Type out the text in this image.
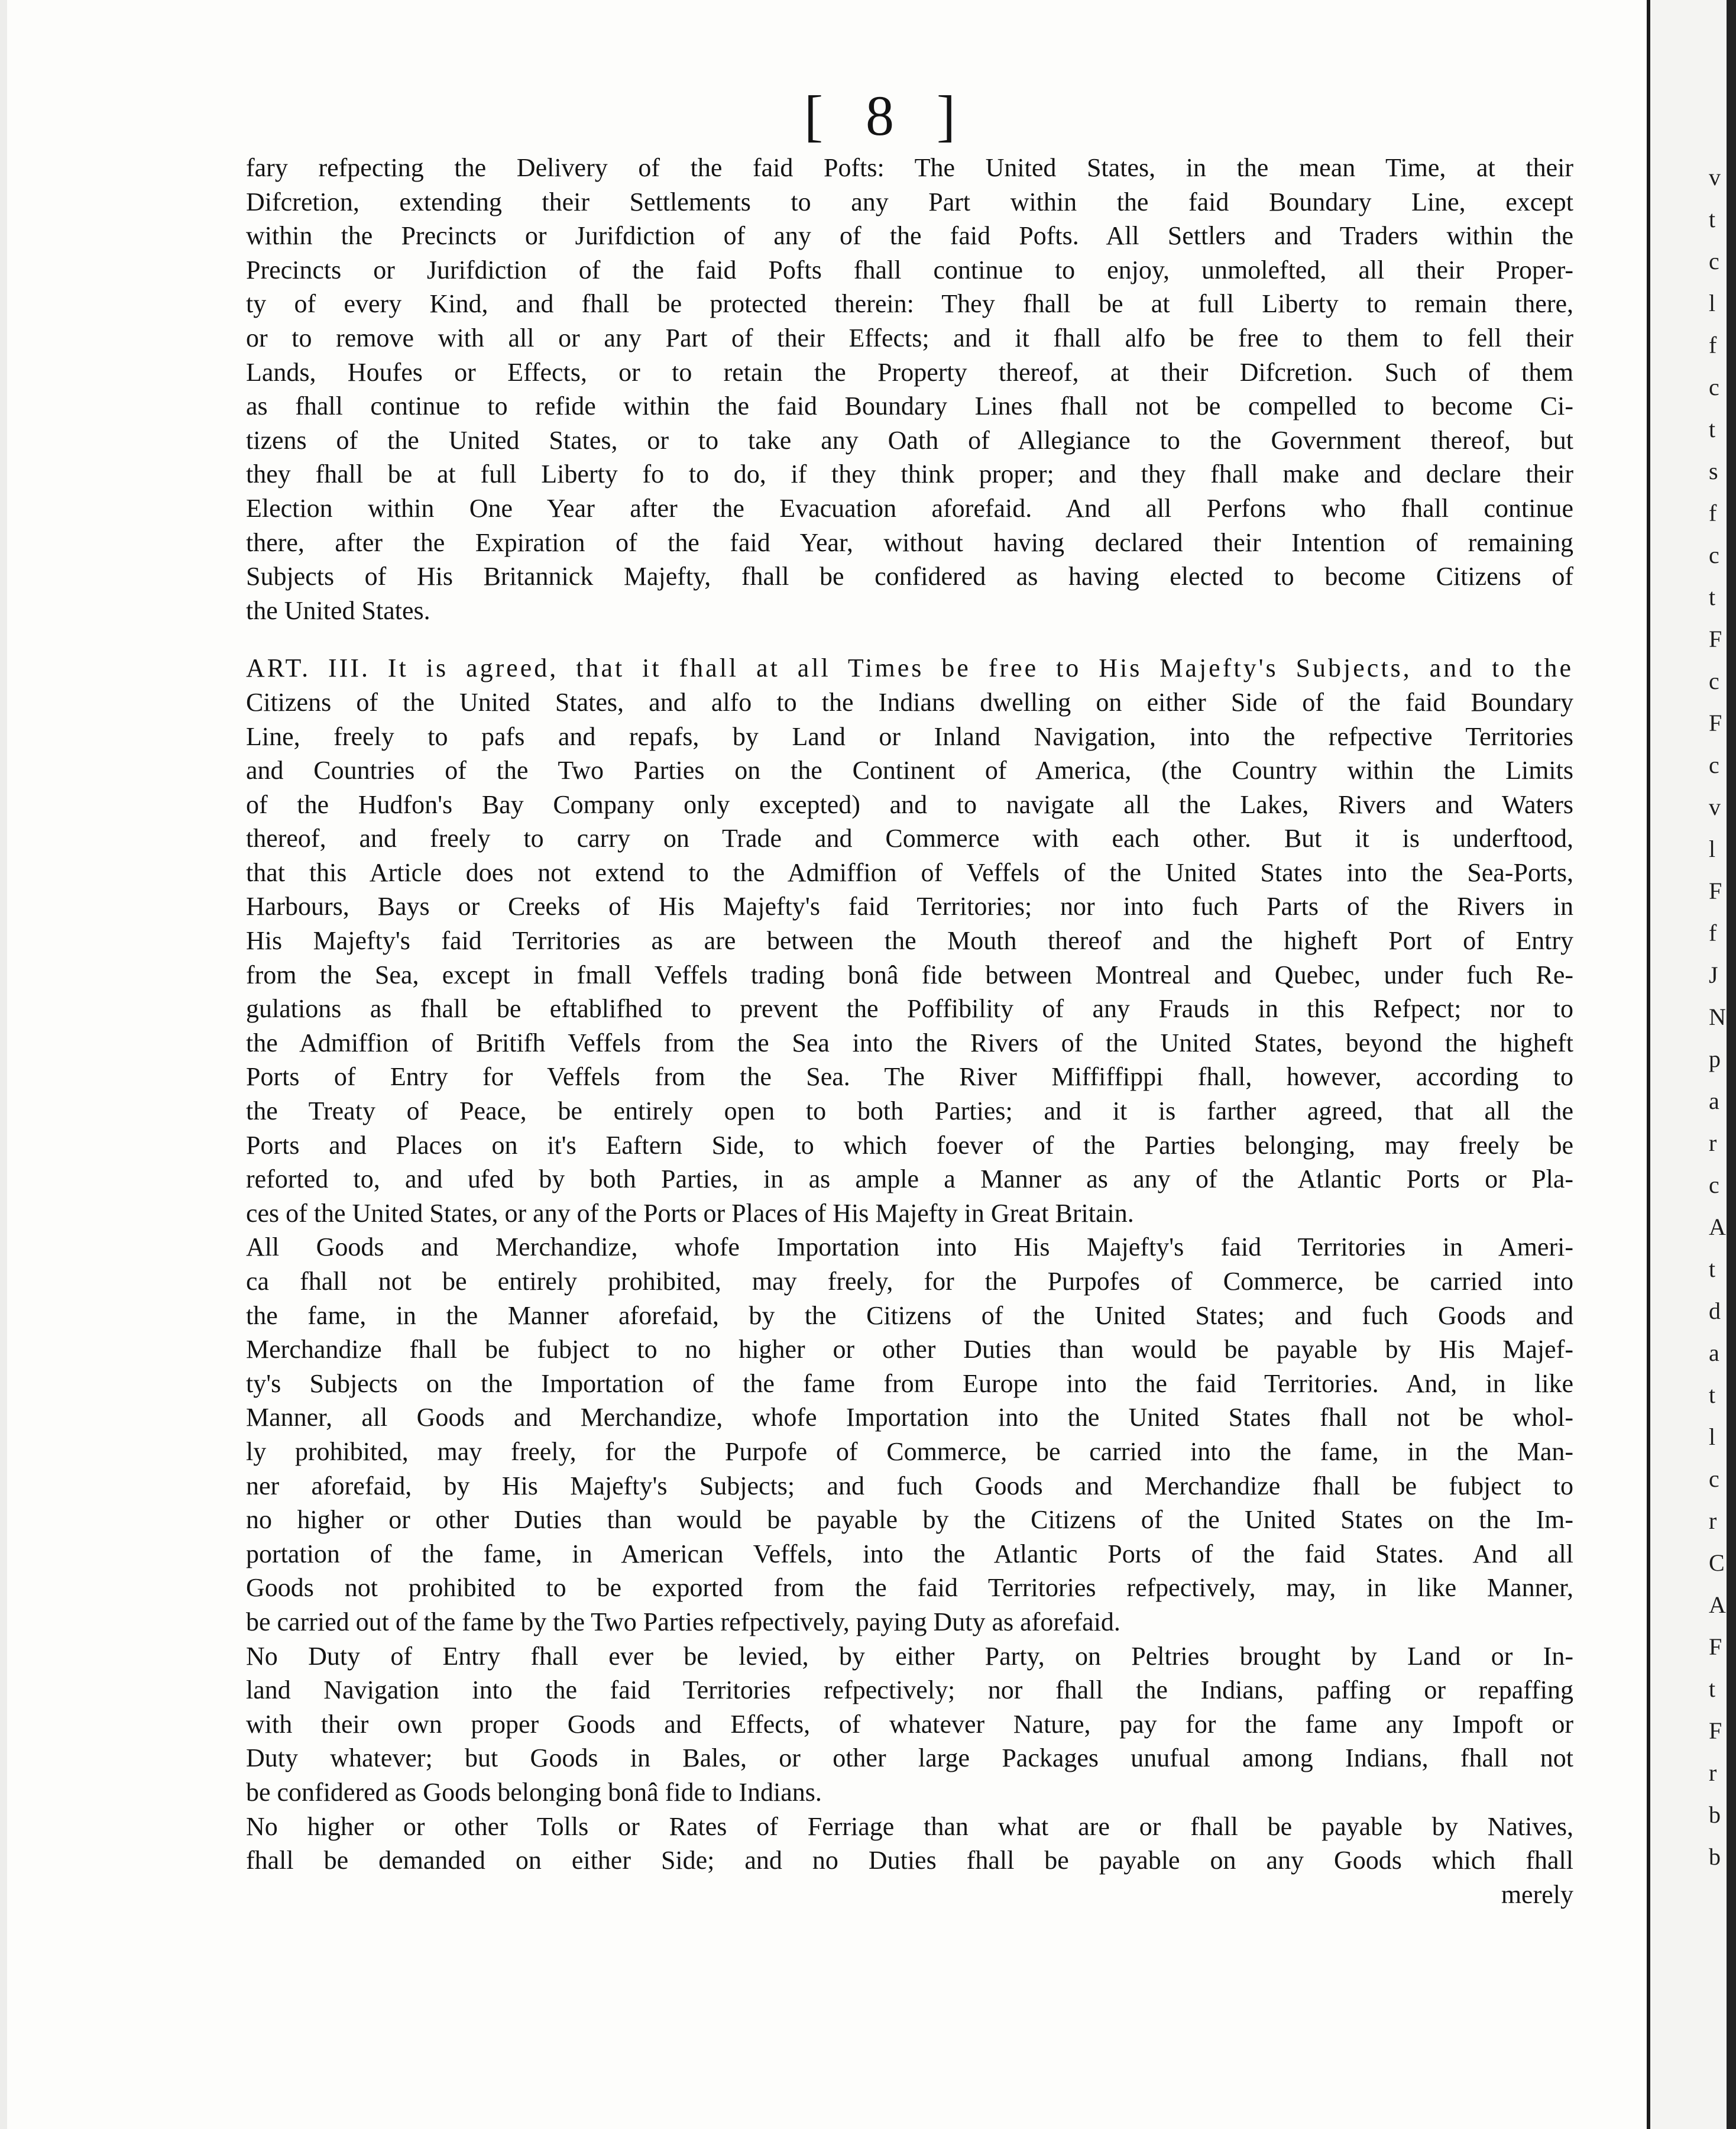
[ 8 ]
fary refpecting the Delivery of the faid Pofts: The United States, in the mean Time, at their
Difcretion, extending their Settlements to any Part within the faid Boundary Line, except
within the Precincts or Jurifdiction of any of the faid Pofts. All Settlers and Traders within the
Precincts or Jurifdiction of the faid Pofts fhall continue to enjoy, unmolefted, all their Proper-
ty of every Kind, and fhall be protected therein: They fhall be at full Liberty to remain there,
or to remove with all or any Part of their Effects; and it fhall alfo be free to them to fell their
Lands, Houfes or Effects, or to retain the Property thereof, at their Difcretion. Such of them
as fhall continue to refide within the faid Boundary Lines fhall not be compelled to become Ci-
tizens of the United States, or to take any Oath of Allegiance to the Government thereof, but
they fhall be at full Liberty fo to do, if they think proper; and they fhall make and declare their
Election within One Year after the Evacuation aforefaid. And all Perfons who fhall continue
there, after the Expiration of the faid Year, without having declared their Intention of remaining
Subjects of His Britannick Majefty, fhall be confidered as having elected to become Citizens of
the United States.
ART. III. It is agreed, that it fhall at all Times be free to His Majefty's Subjects, and to the
Citizens of the United States, and alfo to the Indians dwelling on either Side of the faid Boundary
Line, freely to pafs and repafs, by Land or Inland Navigation, into the refpective Territories
and Countries of the Two Parties on the Continent of America, (the Country within the Limits
of the Hudfon's Bay Company only excepted) and to navigate all the Lakes, Rivers and Waters
thereof, and freely to carry on Trade and Commerce with each other. But it is underftood,
that this Article does not extend to the Admiffion of Veffels of the United States into the Sea-Ports,
Harbours, Bays or Creeks of His Majefty's faid Territories; nor into fuch Parts of the Rivers in
His Majefty's faid Territories as are between the Mouth thereof and the higheft Port of Entry
from the Sea, except in fmall Veffels trading bonâ fide between Montreal and Quebec, under fuch Re-
gulations as fhall be eftablifhed to prevent the Poffibility of any Frauds in this Refpect; nor to
the Admiffion of Britifh Veffels from the Sea into the Rivers of the United States, beyond the higheft
Ports of Entry for Veffels from the Sea. The River Miffiffippi fhall, however, according to
the Treaty of Peace, be entirely open to both Parties; and it is farther agreed, that all the
Ports and Places on it's Eaftern Side, to which foever of the Parties belonging, may freely be
reforted to, and ufed by both Parties, in as ample a Manner as any of the Atlantic Ports or Pla-
ces of the United States, or any of the Ports or Places of His Majefty in Great Britain.
All Goods and Merchandize, whofe Importation into His Majefty's faid Territories in Ameri-
ca fhall not be entirely prohibited, may freely, for the Purpofes of Commerce, be carried into
the fame, in the Manner aforefaid, by the Citizens of the United States; and fuch Goods and
Merchandize fhall be fubject to no higher or other Duties than would be payable by His Majef-
ty's Subjects on the Importation of the fame from Europe into the faid Territories. And, in like
Manner, all Goods and Merchandize, whofe Importation into the United States fhall not be whol-
ly prohibited, may freely, for the Purpofe of Commerce, be carried into the fame, in the Man-
ner aforefaid, by His Majefty's Subjects; and fuch Goods and Merchandize fhall be fubject to
no higher or other Duties than would be payable by the Citizens of the United States on the Im-
portation of the fame, in American Veffels, into the Atlantic Ports of the faid States. And all
Goods not prohibited to be exported from the faid Territories refpectively, may, in like Manner,
be carried out of the fame by the Two Parties refpectively, paying Duty as aforefaid.
No Duty of Entry fhall ever be levied, by either Party, on Peltries brought by Land or In-
land Navigation into the faid Territories refpectively; nor fhall the Indians, paffing or repaffing
with their own proper Goods and Effects, of whatever Nature, pay for the fame any Impoft or
Duty whatever; but Goods in Bales, or other large Packages unufual among Indians, fhall not
be confidered as Goods belonging bonâ fide to Indians.
No higher or other Tolls or Rates of Ferriage than what are or fhall be payable by Natives,
fhall be demanded on either Side; and no Duties fhall be payable on any Goods which fhall
merely
v
t
c
l
f
c
t
s
f
c
t
F
c
F
c
v
l
F
f
J
N
p
a
r
c
A
t
d
a
t
l
c
r
C
A
F
t
F
r
b
b
